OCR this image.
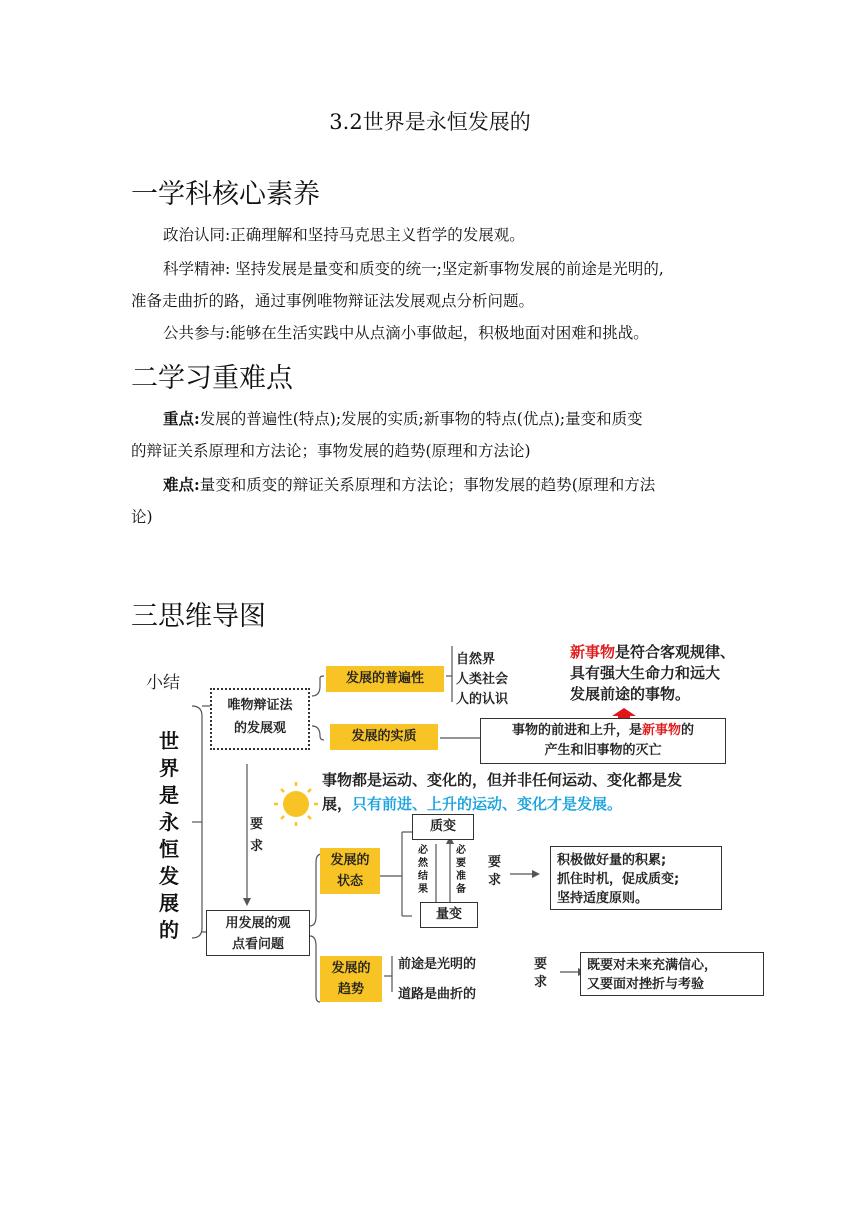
3.2世界是永恒发展的
一学科核心素养
政治认同:正确理解和坚持马克思主义哲学的发展观。
科学精神: 坚持发展是量变和质变的统一;坚定新事物发展的前途是光明的,
准备走曲折的路，通过事例唯物辩证法发展观点分析问题。
公共参与:能够在生活实践中从点滴小事做起，积极地面对困难和挑战。
二学习重难点
重点:发展的普遍性(特点);发展的实质;新事物的特点(优点);量变和质变
的辩证关系原理和方法论；事物发展的趋势(原理和方法论)
难点:量变和质变的辩证关系原理和方法论；事物发展的趋势(原理和方法
论)
三思维导图
小结
世
界
是
永
恒
发
展
的
唯物辩证法
的发展观
要
求
用发展的观
点看问题
发展的普遍性
自然界
人类社会
人的认识
新事物是符合客观规律、
具有强大生命力和远大
发展前途的事物。
发展的实质	事物的前进和上升，是新事物的
产生和旧事物的灭亡
事物都是运动、变化的，但并非任何运动、变化都是发
展，只有前进、上升的运动、变化才是发展。
发展的
状态
质变
量变
必
然
结
果
必
要
准
备
要
求
积极做好量的积累;
抓住时机，促成质变;
坚持适度原则。
发展的
趋势
前途是光明的
道路是曲折的
要
求
既要对未来充满信心，
又要面对挫折与考验
